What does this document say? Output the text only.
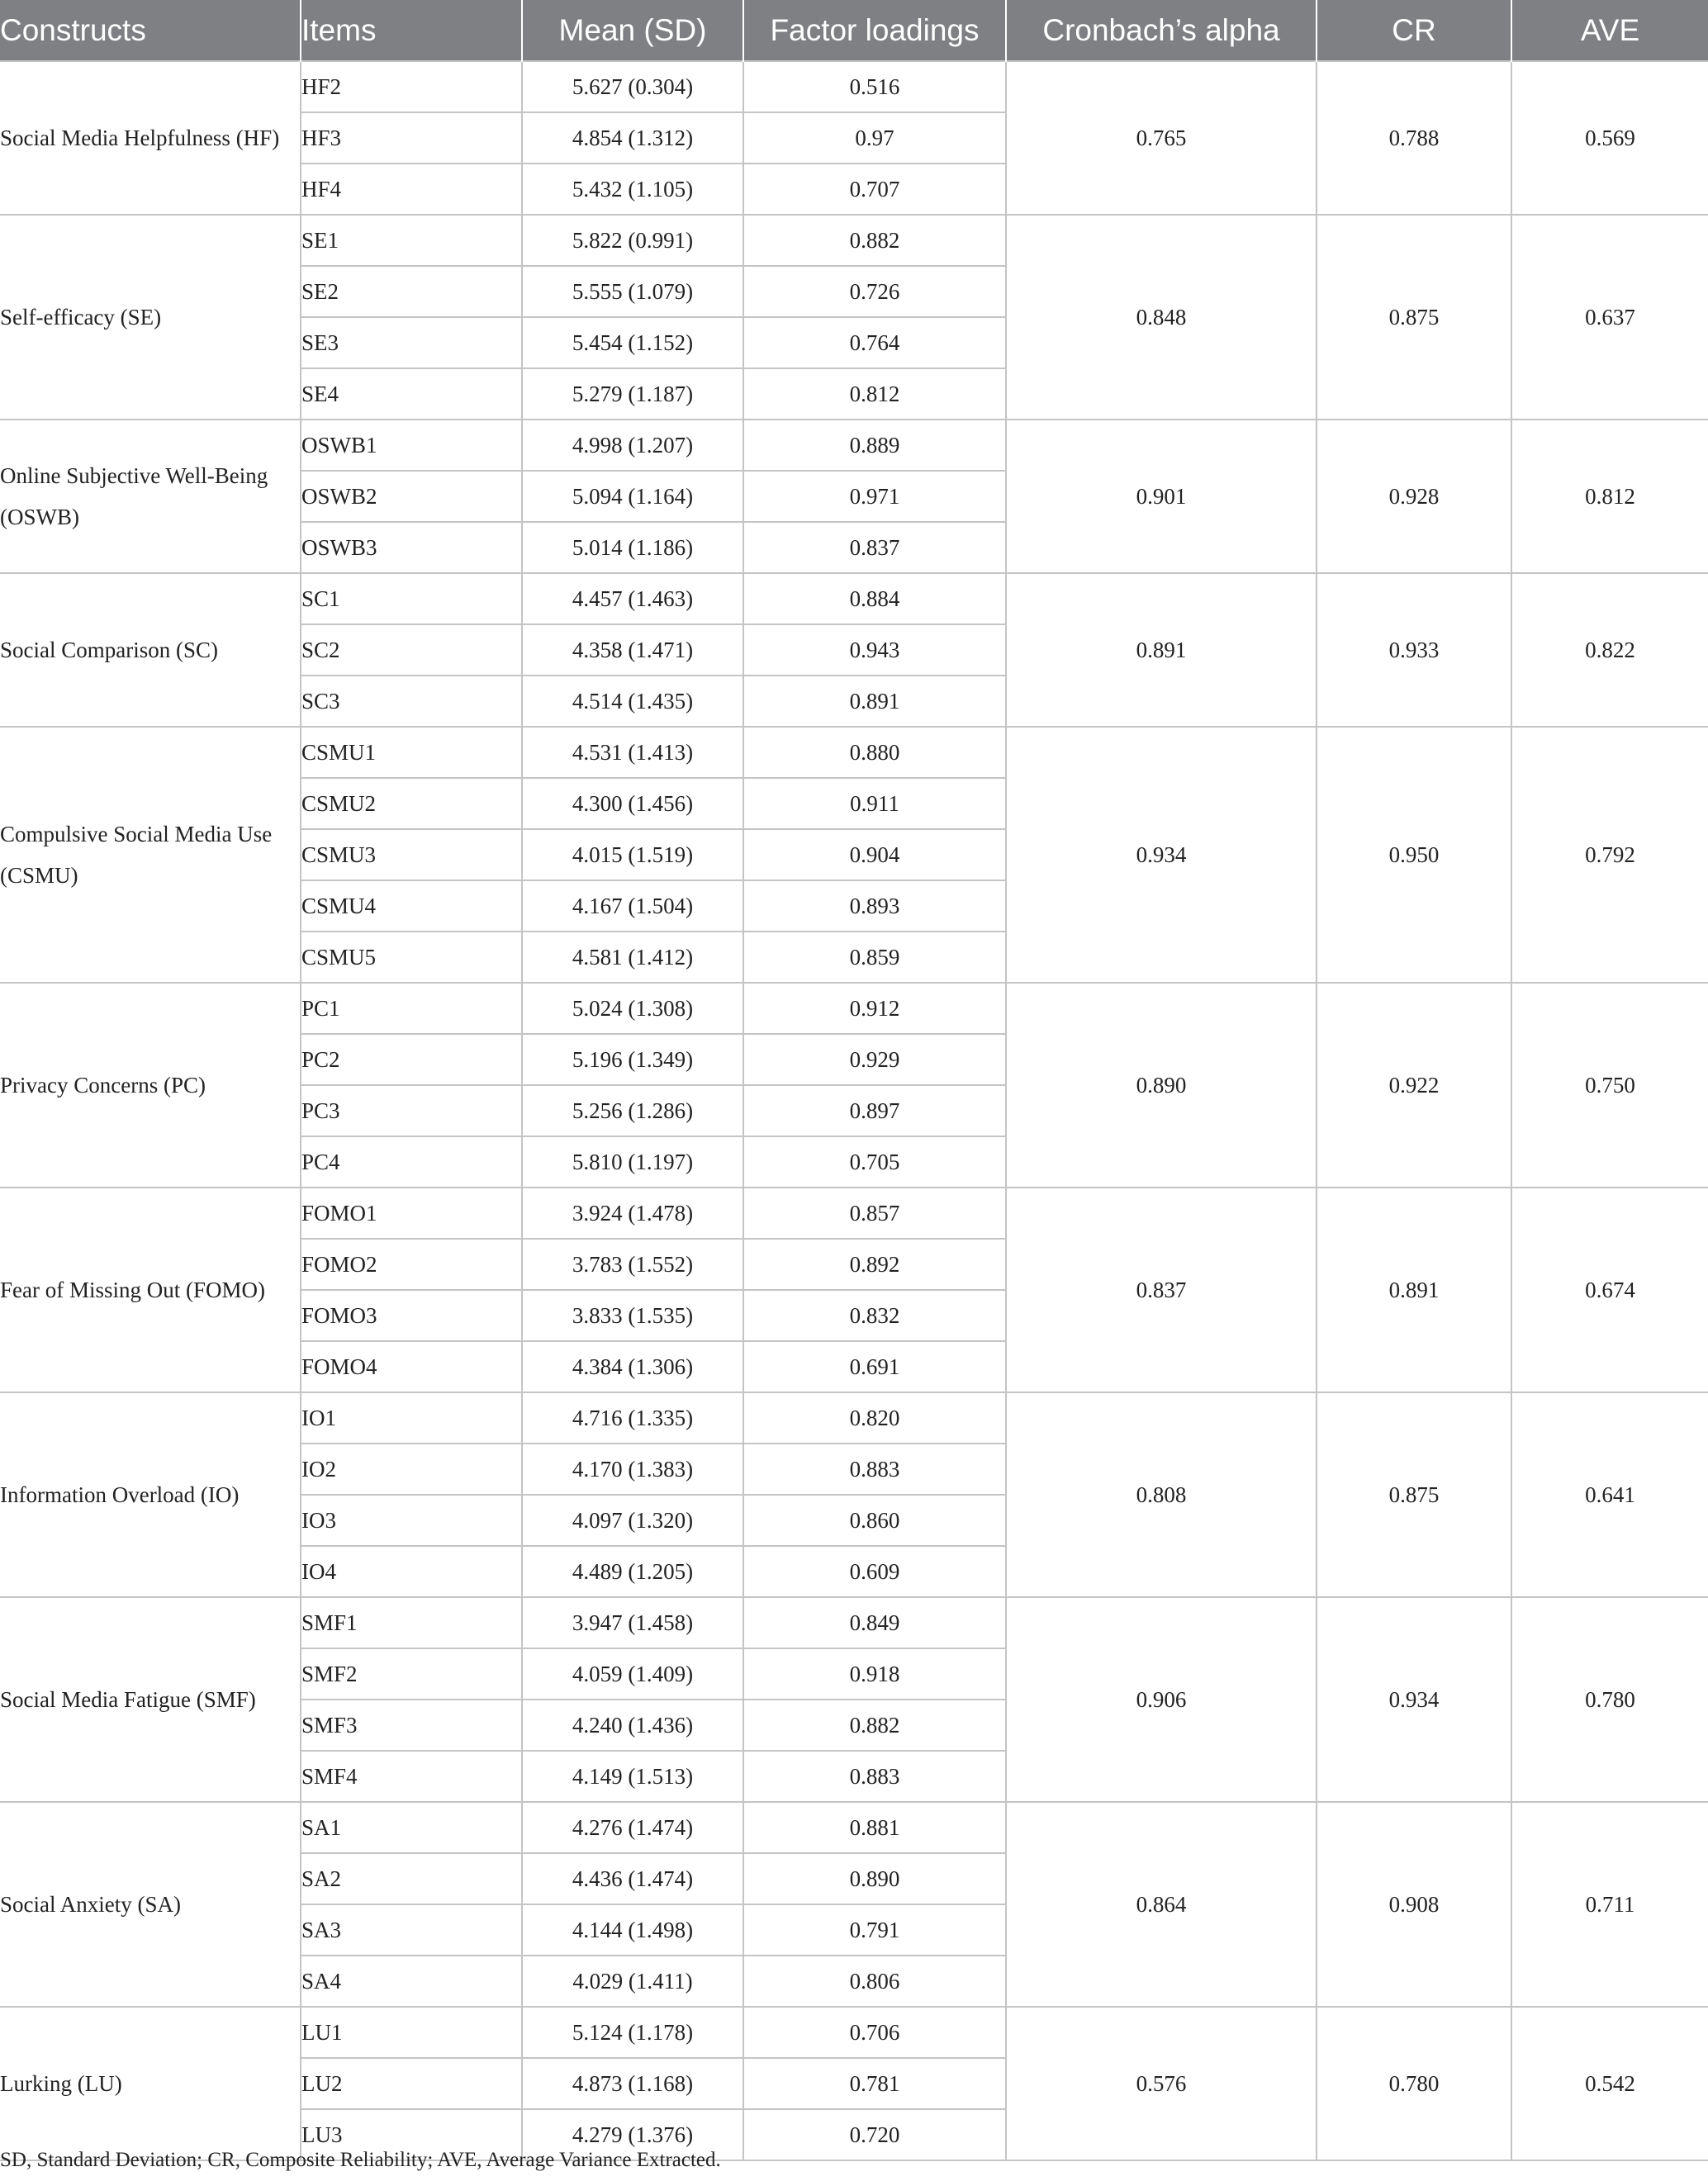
Constructs	Items	Mean (SD)	Factor loadings	Cronbach’s alpha	CR	AVE
Social Media Helpfulness (HF)	HF2	5.627 (0.304)	0.516	0.765	0.788	0.569
	HF3	4.854 (1.312)	0.97			
	HF4	5.432 (1.105)	0.707			
Self-efficacy (SE)	SE1	5.822 (0.991)	0.882	0.848	0.875	0.637
	SE2	5.555 (1.079)	0.726			
	SE3	5.454 (1.152)	0.764			
	SE4	5.279 (1.187)	0.812			
Online Subjective Well-Being (OSWB)	OSWB1	4.998 (1.207)	0.889	0.901	0.928	0.812
	OSWB2	5.094 (1.164)	0.971			
	OSWB3	5.014 (1.186)	0.837			
Social Comparison (SC)	SC1	4.457 (1.463)	0.884	0.891	0.933	0.822
	SC2	4.358 (1.471)	0.943			
	SC3	4.514 (1.435)	0.891			
Compulsive Social Media Use (CSMU)	CSMU1	4.531 (1.413)	0.880	0.934	0.950	0.792
	CSMU2	4.300 (1.456)	0.911			
	CSMU3	4.015 (1.519)	0.904			
	CSMU4	4.167 (1.504)	0.893			
	CSMU5	4.581 (1.412)	0.859			
Privacy Concerns (PC)	PC1	5.024 (1.308)	0.912	0.890	0.922	0.750
	PC2	5.196 (1.349)	0.929			
	PC3	5.256 (1.286)	0.897			
	PC4	5.810 (1.197)	0.705			
Fear of Missing Out (FOMO)	FOMO1	3.924 (1.478)	0.857	0.837	0.891	0.674
	FOMO2	3.783 (1.552)	0.892			
	FOMO3	3.833 (1.535)	0.832			
	FOMO4	4.384 (1.306)	0.691			
Information Overload (IO)	IO1	4.716 (1.335)	0.820	0.808	0.875	0.641
	IO2	4.170 (1.383)	0.883			
	IO3	4.097 (1.320)	0.860			
	IO4	4.489 (1.205)	0.609			
Social Media Fatigue (SMF)	SMF1	3.947 (1.458)	0.849	0.906	0.934	0.780
	SMF2	4.059 (1.409)	0.918			
	SMF3	4.240 (1.436)	0.882			
	SMF4	4.149 (1.513)	0.883			
Social Anxiety (SA)	SA1	4.276 (1.474)	0.881	0.864	0.908	0.711
	SA2	4.436 (1.474)	0.890			
	SA3	4.144 (1.498)	0.791			
	SA4	4.029 (1.411)	0.806			
Lurking (LU)	LU1	5.124 (1.178)	0.706	0.576	0.780	0.542
	LU2	4.873 (1.168)	0.781			
	LU3	4.279 (1.376)	0.720			
SD, Standard Deviation; CR, Composite Reliability; AVE, Average Variance Extracted.
